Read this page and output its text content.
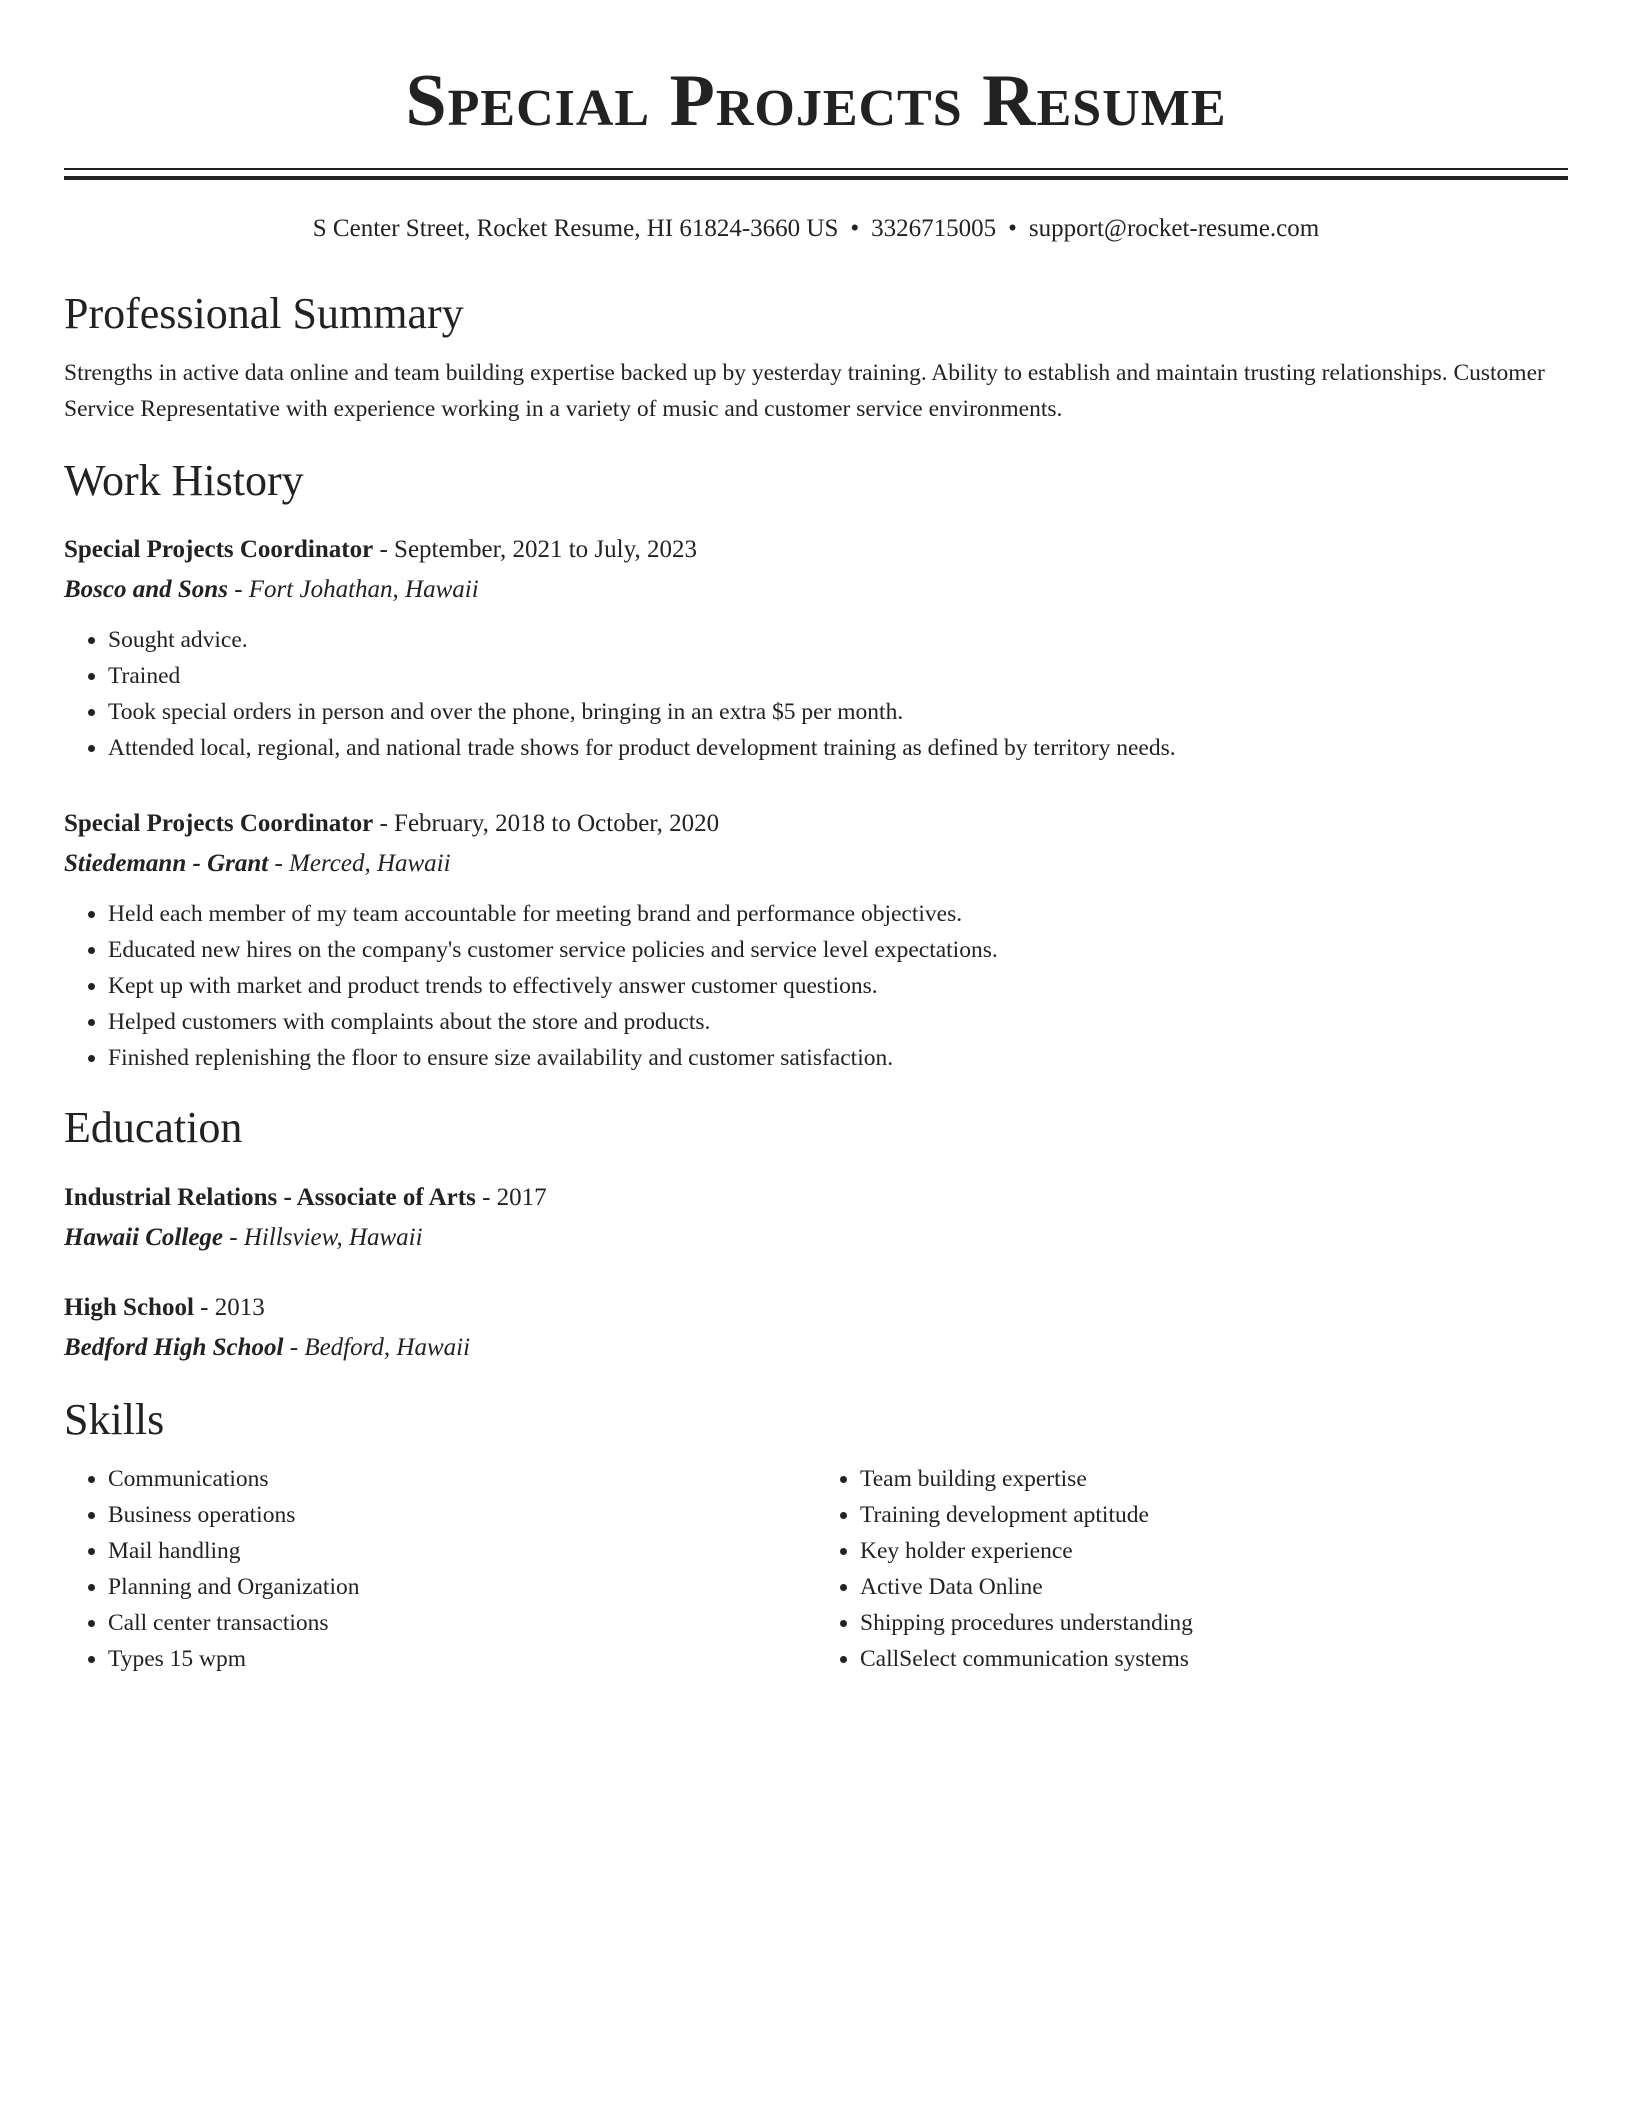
Special Projects Resume
S Center Street, Rocket Resume, HI 61824-3660 US • 3326715005 • support@rocket-resume.com
Professional Summary
Strengths in active data online and team building expertise backed up by yesterday training. Ability to establish and maintain trusting relationships. Customer Service Representative with experience working in a variety of music and customer service environments.
Work History
Special Projects Coordinator - September, 2021 to July, 2023
Bosco and Sons - Fort Johathan, Hawaii
• Sought advice.
• Trained
• Took special orders in person and over the phone, bringing in an extra $5 per month.
• Attended local, regional, and national trade shows for product development training as defined by territory needs.
Special Projects Coordinator - February, 2018 to October, 2020
Stiedemann - Grant - Merced, Hawaii
• Held each member of my team accountable for meeting brand and performance objectives.
• Educated new hires on the company's customer service policies and service level expectations.
• Kept up with market and product trends to effectively answer customer questions.
• Helped customers with complaints about the store and products.
• Finished replenishing the floor to ensure size availability and customer satisfaction.
Education
Industrial Relations - Associate of Arts - 2017
Hawaii College - Hillsview, Hawaii
High School - 2013
Bedford High School - Bedford, Hawaii
Skills
• Communications
• Business operations
• Mail handling
• Planning and Organization
• Call center transactions
• Types 15 wpm
• Team building expertise
• Training development aptitude
• Key holder experience
• Active Data Online
• Shipping procedures understanding
• CallSelect communication systems
